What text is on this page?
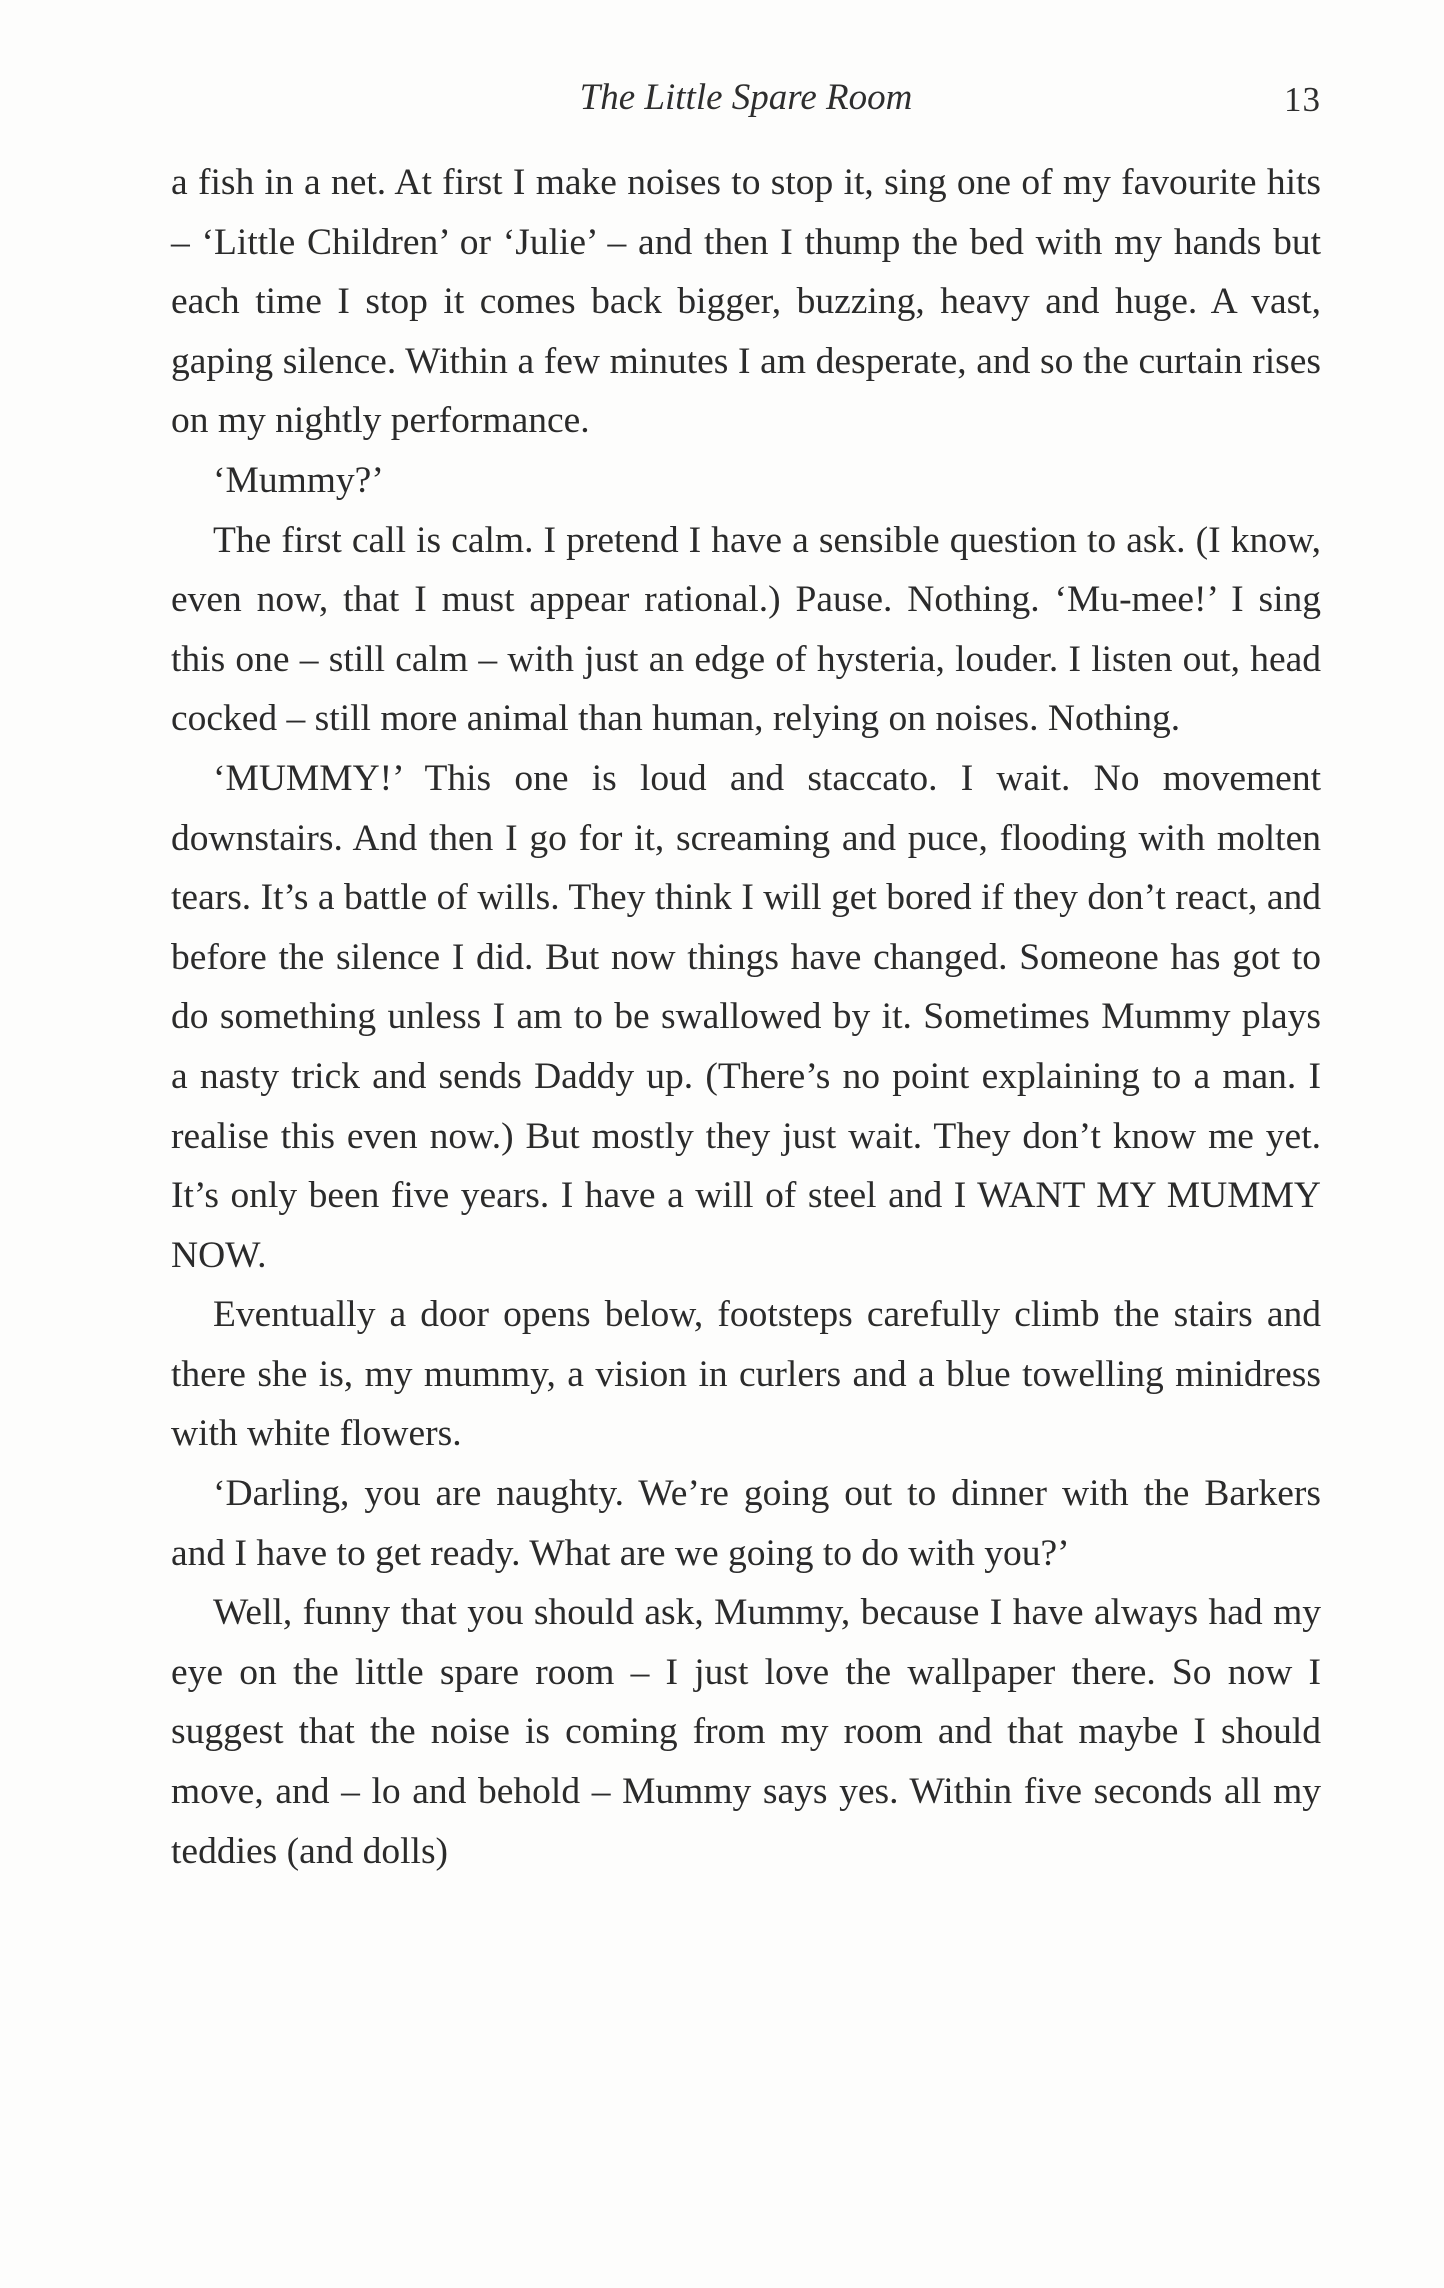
The Little Spare Room	13

a fish in a net. At first I make noises to stop it, sing one of my favourite hits – ‘Little Children’ or ‘Julie’ – and then I thump the bed with my hands but each time I stop it comes back bigger, buzzing, heavy and huge. A vast, gaping silence. Within a few minutes I am desperate, and so the curtain rises on my nightly performance.

‘Mummy?’

The first call is calm. I pretend I have a sensible question to ask. (I know, even now, that I must appear rational.) Pause. Nothing. ‘Mu-mee!’ I sing this one – still calm – with just an edge of hysteria, louder. I listen out, head cocked – still more animal than human, relying on noises. Nothing.

‘MUMMY!’ This one is loud and staccato. I wait. No movement downstairs. And then I go for it, screaming and puce, flooding with molten tears. It’s a battle of wills. They think I will get bored if they don’t react, and before the silence I did. But now things have changed. Someone has got to do something unless I am to be swallowed by it. Sometimes Mummy plays a nasty trick and sends Daddy up. (There’s no point explaining to a man. I realise this even now.) But mostly they just wait. They don’t know me yet. It’s only been five years. I have a will of steel and I WANT MY MUMMY NOW.

Eventually a door opens below, footsteps carefully climb the stairs and there she is, my mummy, a vision in curlers and a blue towelling minidress with white flowers.

‘Darling, you are naughty. We’re going out to dinner with the Barkers and I have to get ready. What are we going to do with you?’

Well, funny that you should ask, Mummy, because I have always had my eye on the little spare room – I just love the wallpaper there. So now I suggest that the noise is coming from my room and that maybe I should move, and – lo and behold – Mummy says yes. Within five seconds all my teddies (and dolls)
